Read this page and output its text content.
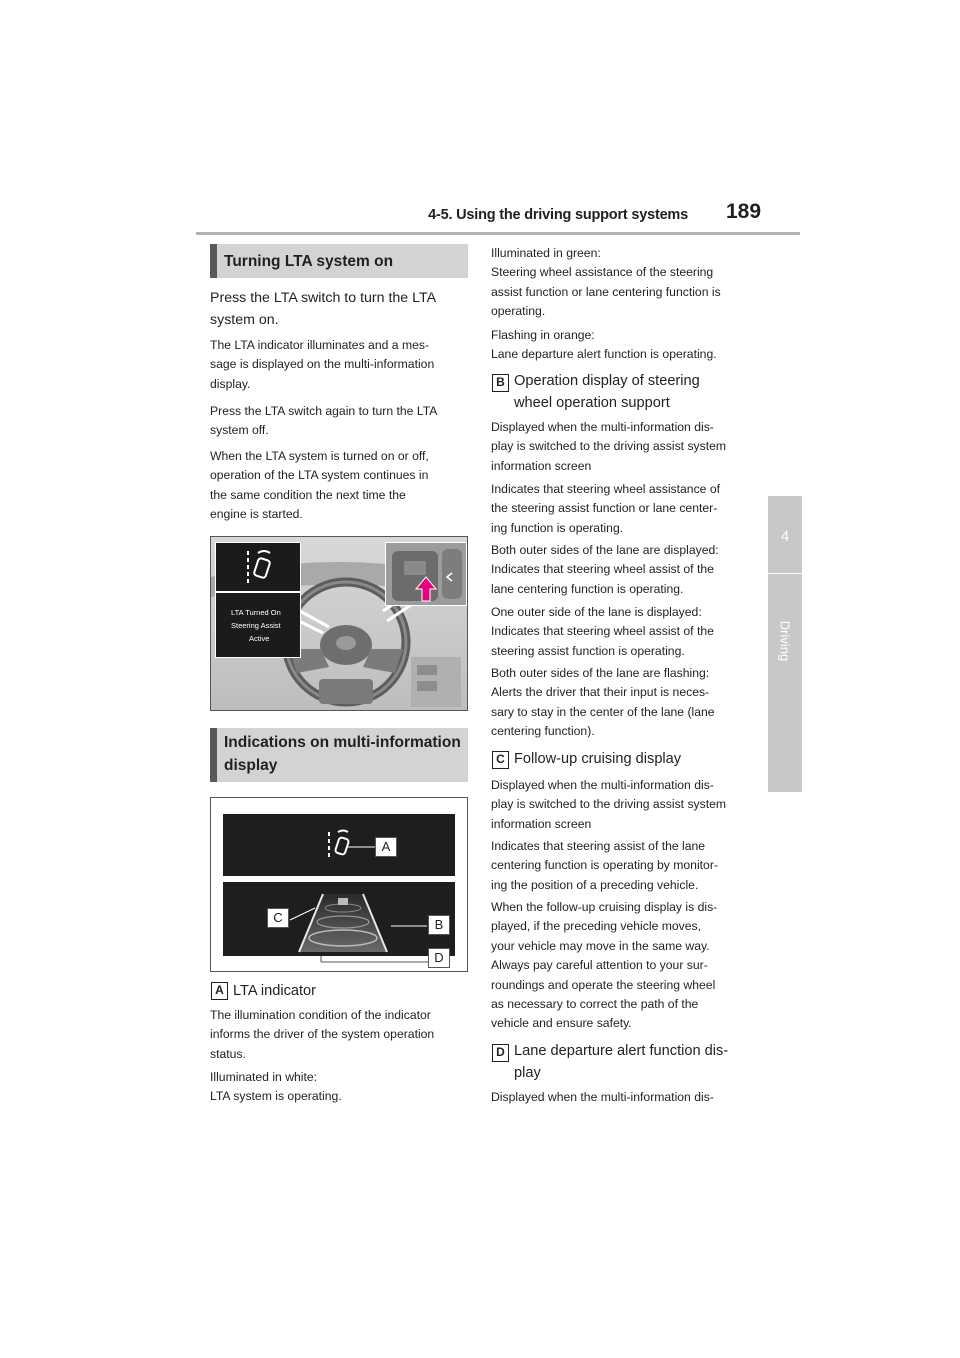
4-5. Using the driving support systems 189
4
Driving
Turning LTA system on
Press the LTA switch to turn the LTA
system on.
The LTA indicator illuminates and a mes-
sage is displayed on the multi-information
display.
Press the LTA switch again to turn the LTA
system off.
When the LTA system is turned on or off,
operation of the LTA system continues in
the same condition the next time the
engine is started.
LTA Turned On
Steering Assist
Active
Indications on multi-information
display
A
C	B
D
A LTA indicator
The illumination condition of the indicator
informs the driver of the system operation
status.
Illuminated in white:
LTA system is operating.
Illuminated in green:
Steering wheel assistance of the steering
assist function or lane centering function is
operating.
Flashing in orange:
Lane departure alert function is operating.
B Operation display of steering
wheel operation support
Displayed when the multi-information dis-
play is switched to the driving assist system
information screen
Indicates that steering wheel assistance of
the steering assist function or lane center-
ing function is operating.
Both outer sides of the lane are displayed:
Indicates that steering wheel assist of the
lane centering function is operating.
One outer side of the lane is displayed:
Indicates that steering wheel assist of the
steering assist function is operating.
Both outer sides of the lane are flashing:
Alerts the driver that their input is neces-
sary to stay in the center of the lane (lane
centering function).
C Follow-up cruising display
Displayed when the multi-information dis-
play is switched to the driving assist system
information screen
Indicates that steering assist of the lane
centering function is operating by monitor-
ing the position of a preceding vehicle.
When the follow-up cruising display is dis-
played, if the preceding vehicle moves,
your vehicle may move in the same way.
Always pay careful attention to your sur-
roundings and operate the steering wheel
as necessary to correct the path of the
vehicle and ensure safety.
D Lane departure alert function dis-
play
Displayed when the multi-information dis-
